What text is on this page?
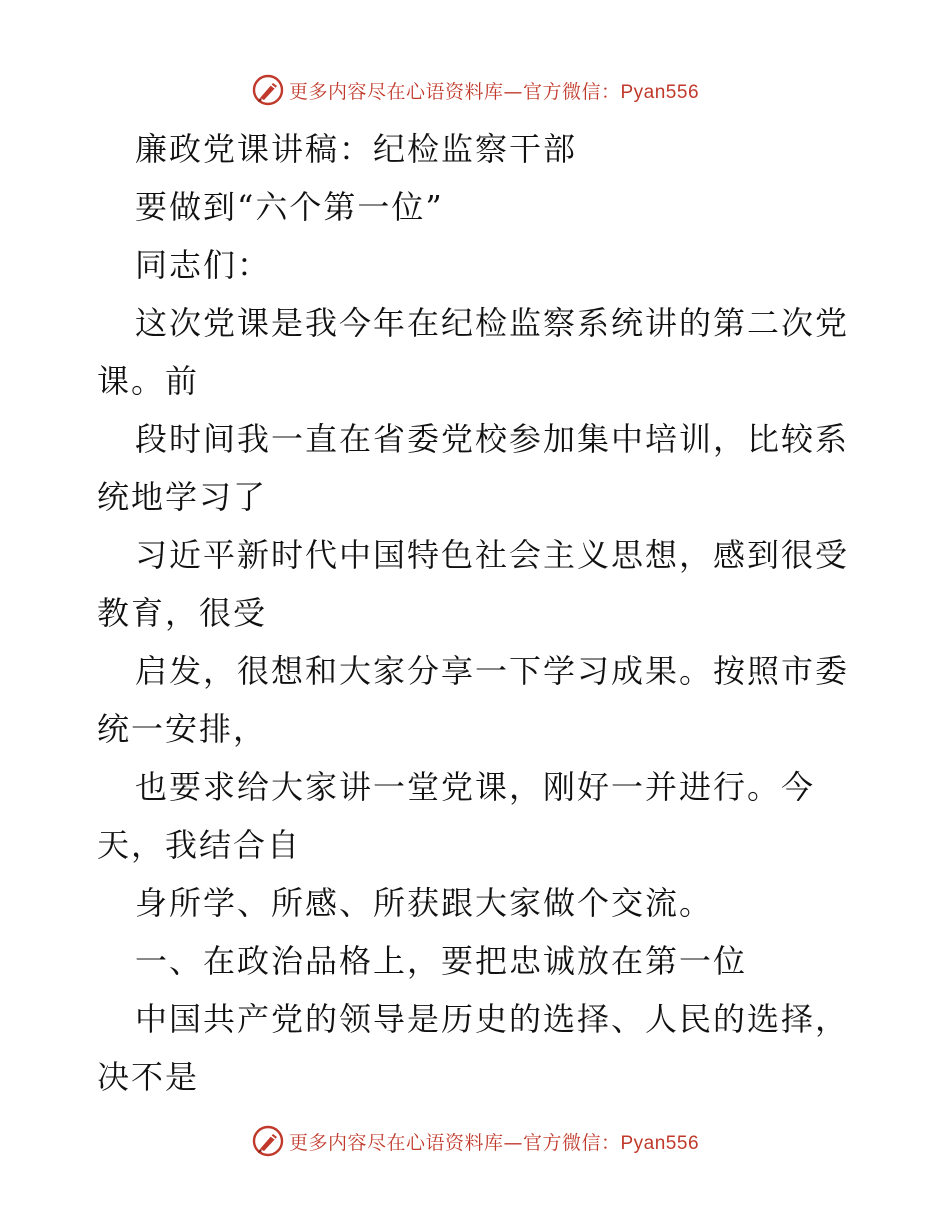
更多内容尽在心语资料库—官方微信：Pyan556
廉政党课讲稿：纪检监察干部
要做到“六个第一位”
同志们：
这次党课是我今年在纪检监察系统讲的第二次党
课。前
段时间我一直在省委党校参加集中培训，比较系
统地学习了
习近平新时代中国特色社会主义思想，感到很受
教育，很受
启发，很想和大家分享一下学习成果。按照市委
统一安排，
也要求给大家讲一堂党课，刚好一并进行。今
天，我结合自
身所学、所感、所获跟大家做个交流。
一、在政治品格上，要把忠诚放在第一位
中国共产党的领导是历史的选择、人民的选择，
决不是
更多内容尽在心语资料库—官方微信：Pyan556
